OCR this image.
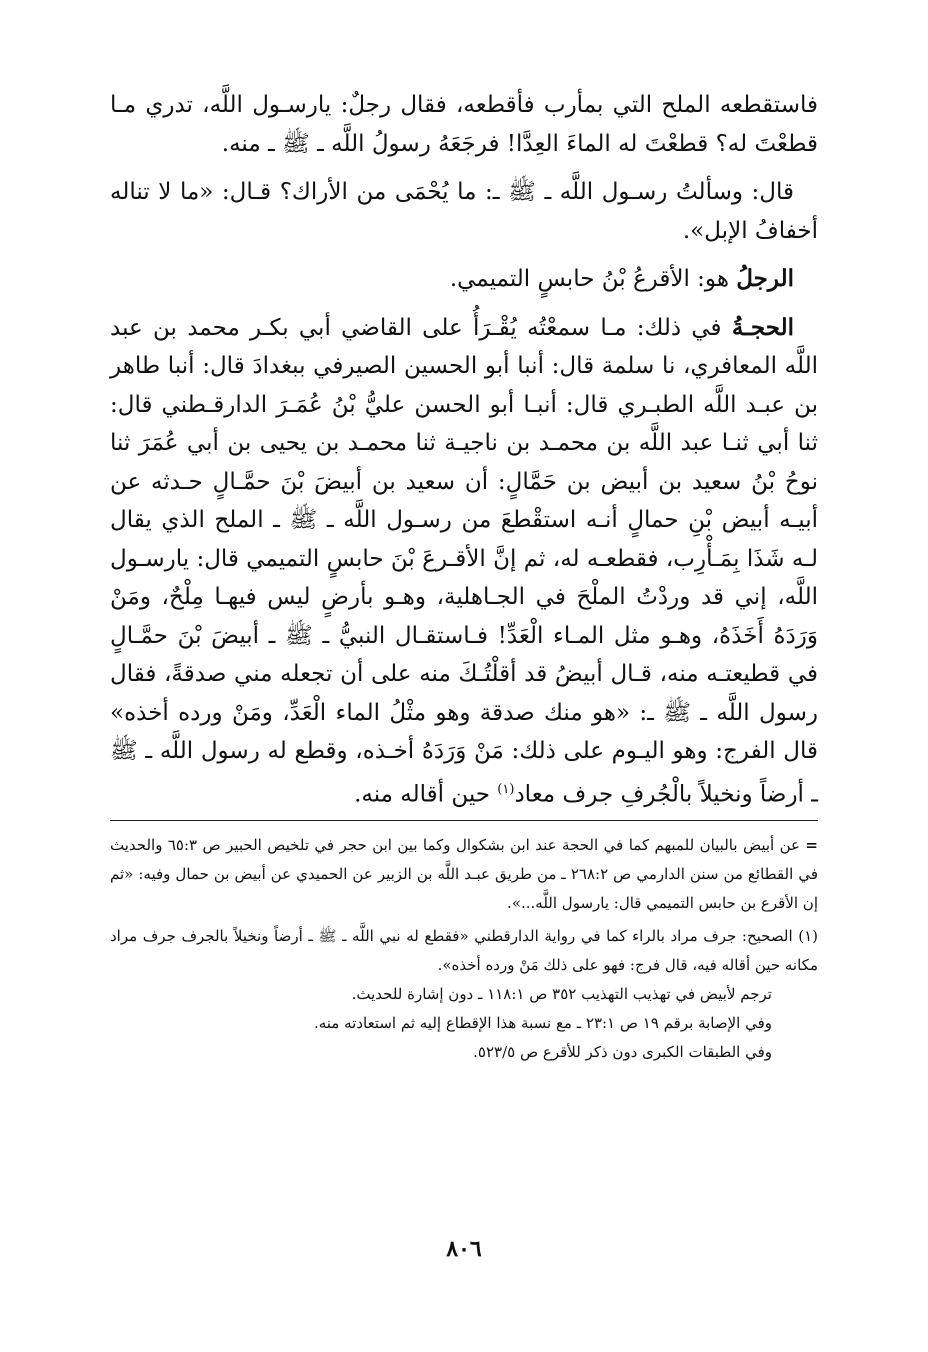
فاستقطعه الملح التي بمأرب فأقطعه، فقال رجلٌ: يارسـول اللَّه، تدري مـا قطعْتَ له؟ قطعْتَ له الماءَ العِدَّا! فرجَعَهُ رسولُ اللَّه ـ ﷺ ـ منه.

قال: وسألتُ رسـول اللَّه ـ ﷺ ـ: ما يُحْمَى من الأراك؟ قـال: «ما لا تناله أخفافُ الإبل».

الرجلُ هو: الأقرعُ بْنُ حابسٍ التميمي.

الحجـةُ في ذلك: مـا سمعْتُه يُقْـرَأُ على القاضي أبي بكـر محمد بن عبد اللَّه المعافري، نا سلمة قال: أنبا أبو الحسين الصيرفي ببغدادَ قال: أنبا طاهر بن عبـد اللَّه الطبـري قال: أنبـا أبو الحسن عليُّ بْنُ عُمَـرَ الدارقـطني قال: ثنا أبي ثنـا عبد اللَّه بن محمـد بن ناجيـة ثنا محمـد بن يحيى بن أبي عُمَرَ ثنا نوحُ بْنُ سعيد بن أبيض بن حَمَّالٍ: أن سعيد بن أبيضَ بْنَ حمَّـالٍ حـدثه عن أبيـه أبيض بْنِ حمالٍ أنـه استقْطعَ من رسـول اللَّه ـ ﷺ ـ الملح الذي يقال لـه شَذَا بِمَـأْرِب، فقطعـه له، ثم إنَّ الأقـرعَ بْنَ حابسٍ التميمي قال: يارسـول اللَّه، إني قد وردْتُ الملْحَ في الجـاهلية، وهـو بأرضٍ ليس فيهـا مِلْحٌ، ومَنْ وَرَدَهُ أَخَذَهُ، وهـو مثل المـاء الْعَدِّ! فـاستقـال النبيُّ ـ ﷺ ـ أبيضَ بْنَ حمَّـالٍ في قطيعتـه منه، قـال أبيضُ قد أقلْتُـكَ منه على أن تجعله مني صدقةً، فقال رسول اللَّه ـ ﷺ ـ: «هو منك صدقة وهو مثْلُ الماء الْعَدِّ، ومَنْ ورده أخذه» قال الفرج: وهو اليـوم على ذلك: مَنْ وَرَدَهُ أخـذه، وقطع له رسول اللَّه ـ ﷺ ـ أرضاً ونخيلاً بالْجُرفِ جرف معاد$^{(١)}$ حين أقاله منه.

= عن أبيض بالبيان للمبهم كما في الحجة عند ابن بشكوال وكما بين ابن حجر في تلخيص الحبير ص ٦٥:٣ والحديث في القطائع من سنن الدارمي ص ٢٦٨:٢ ـ من طريق عبـد اللَّه بن الزبير عن الحميدي عن أبيض بن حمال وفيه: «ثم إن الأقرع بن حابس التميمي قال: يارسول اللَّه...».

(١) الصحيح: جرف مراد بالراء كما في رواية الدارقطني «فقطع له نبي اللَّه ـ ﷺ ـ أرضاً ونخيلاً بالجرف جرف مراد مكانه حين أقاله فيه، قال فرج: فهو على ذلك مَنْ ورده أخذه».

ترجم لأبيض في تهذيب التهذيب ٣٥٢ ص ١١٨:١ ـ دون إشارة للحديث.

وفي الإصابة برقم ١٩ ص ٢٣:١ ـ مع نسبة هذا الإقطاع إليه ثم استعادته منه.

وفي الطبقات الكبرى دون ذكر للأقرع ص ٥٢٣/٥.

٨٠٦
